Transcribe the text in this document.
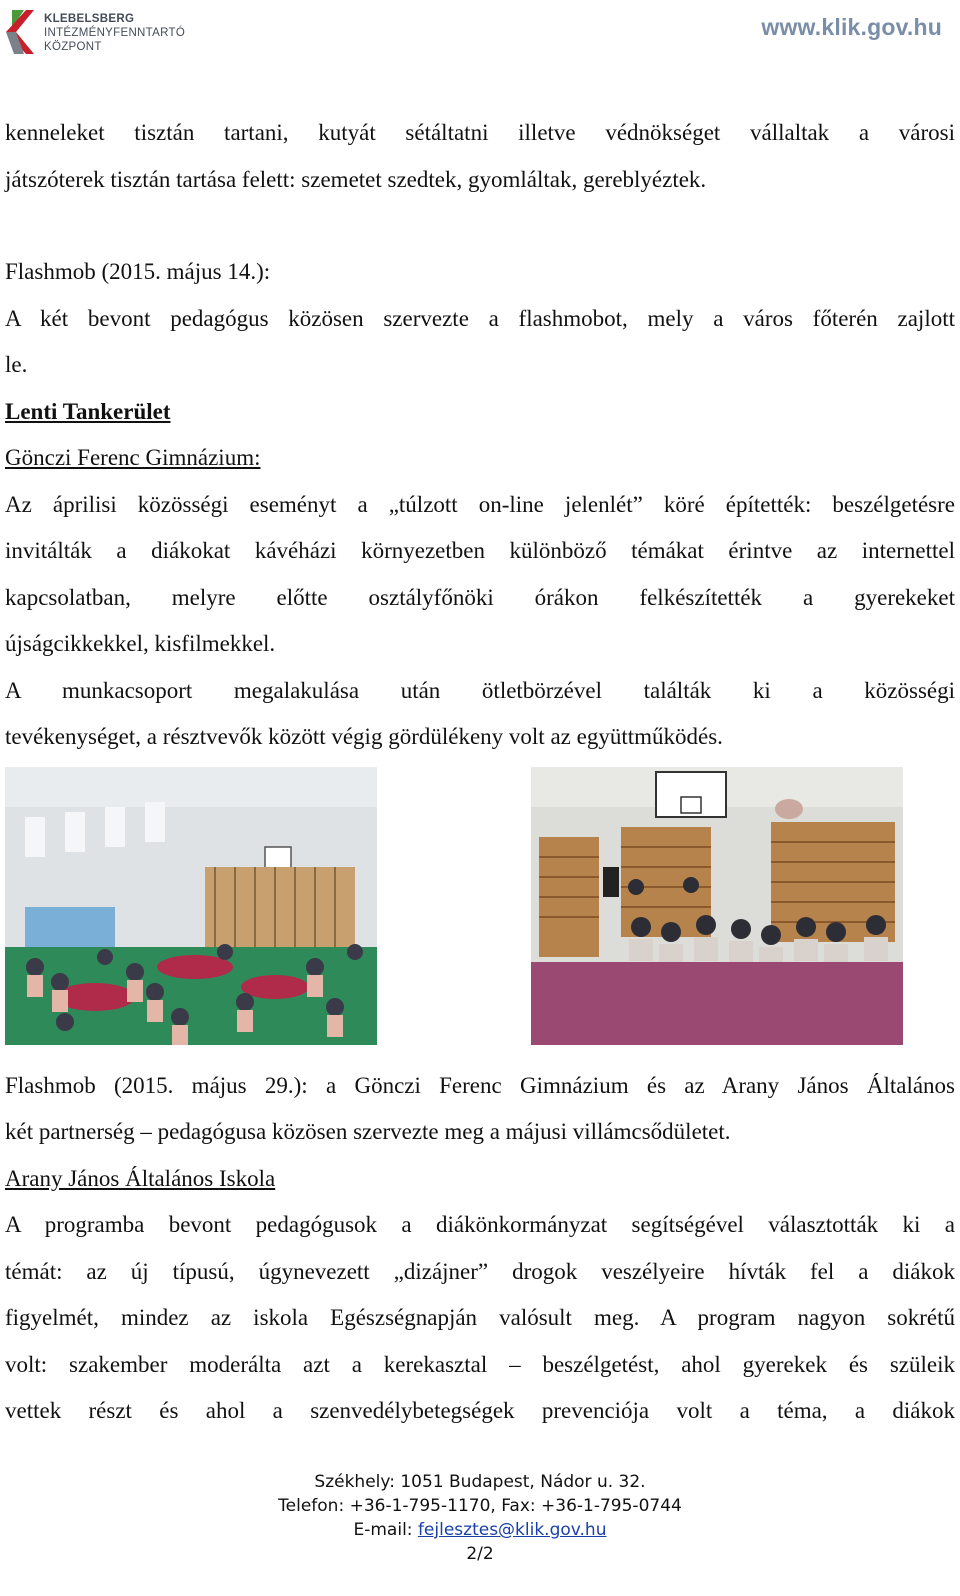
KLEBELSBERG
INTÉZMÉNYFENNTARTÓ
KÖZPONT
www.klik.gov.hu

kenneleket tisztán tartani, kutyát sétáltatni illetve védnökséget vállaltak a városi

játszóterek tisztán tartása felett: szemetet szedtek, gyomláltak, gereblyéztek.

Flashmob (2015. május 14.):

A két bevont pedagógus közösen szervezte a flashmobot, mely a város főterén zajlott

le.

Lenti Tankerület

Gönczi Ferenc Gimnázium:

Az áprilisi közösségi eseményt a „túlzott on-line jelenlét” köré építették: beszélgetésre

invitálták a diákokat kávéházi környezetben különböző témákat érintve az internettel

kapcsolatban, melyre előtte osztályfőnöki órákon felkészítették a gyerekeket

újságcikkekkel, kisfilmekkel.

A munkacsoport megalakulása után ötletbörzével találták ki a közösségi

tevékenységet, a résztvevők között végig gördülékeny volt az együttműködés.

Flashmob (2015. május 29.): a Gönczi Ferenc Gimnázium és az Arany János Általános

két partnerség – pedagógusa közösen szervezte meg a májusi villámcsődületet.

Arany János Általános Iskola

A programba bevont pedagógusok a diákönkormányzat segítségével választották ki a

témát: az új típusú, úgynevezett „dizájner” drogok veszélyeire hívták fel a diákok

figyelmét, mindez az iskola Egészségnapján valósult meg. A program nagyon sokrétű

volt: szakember moderálta azt a kerekasztal – beszélgetést, ahol gyerekek és szüleik

vettek részt és ahol a szenvedélybetegségek prevenciója volt a téma, a diákok

Székhely: 1051 Budapest, Nádor u. 32.
Telefon: +36-1-795-1170, Fax: +36-1-795-0744
E-mail: fejlesztes@klik.gov.hu
2/2
